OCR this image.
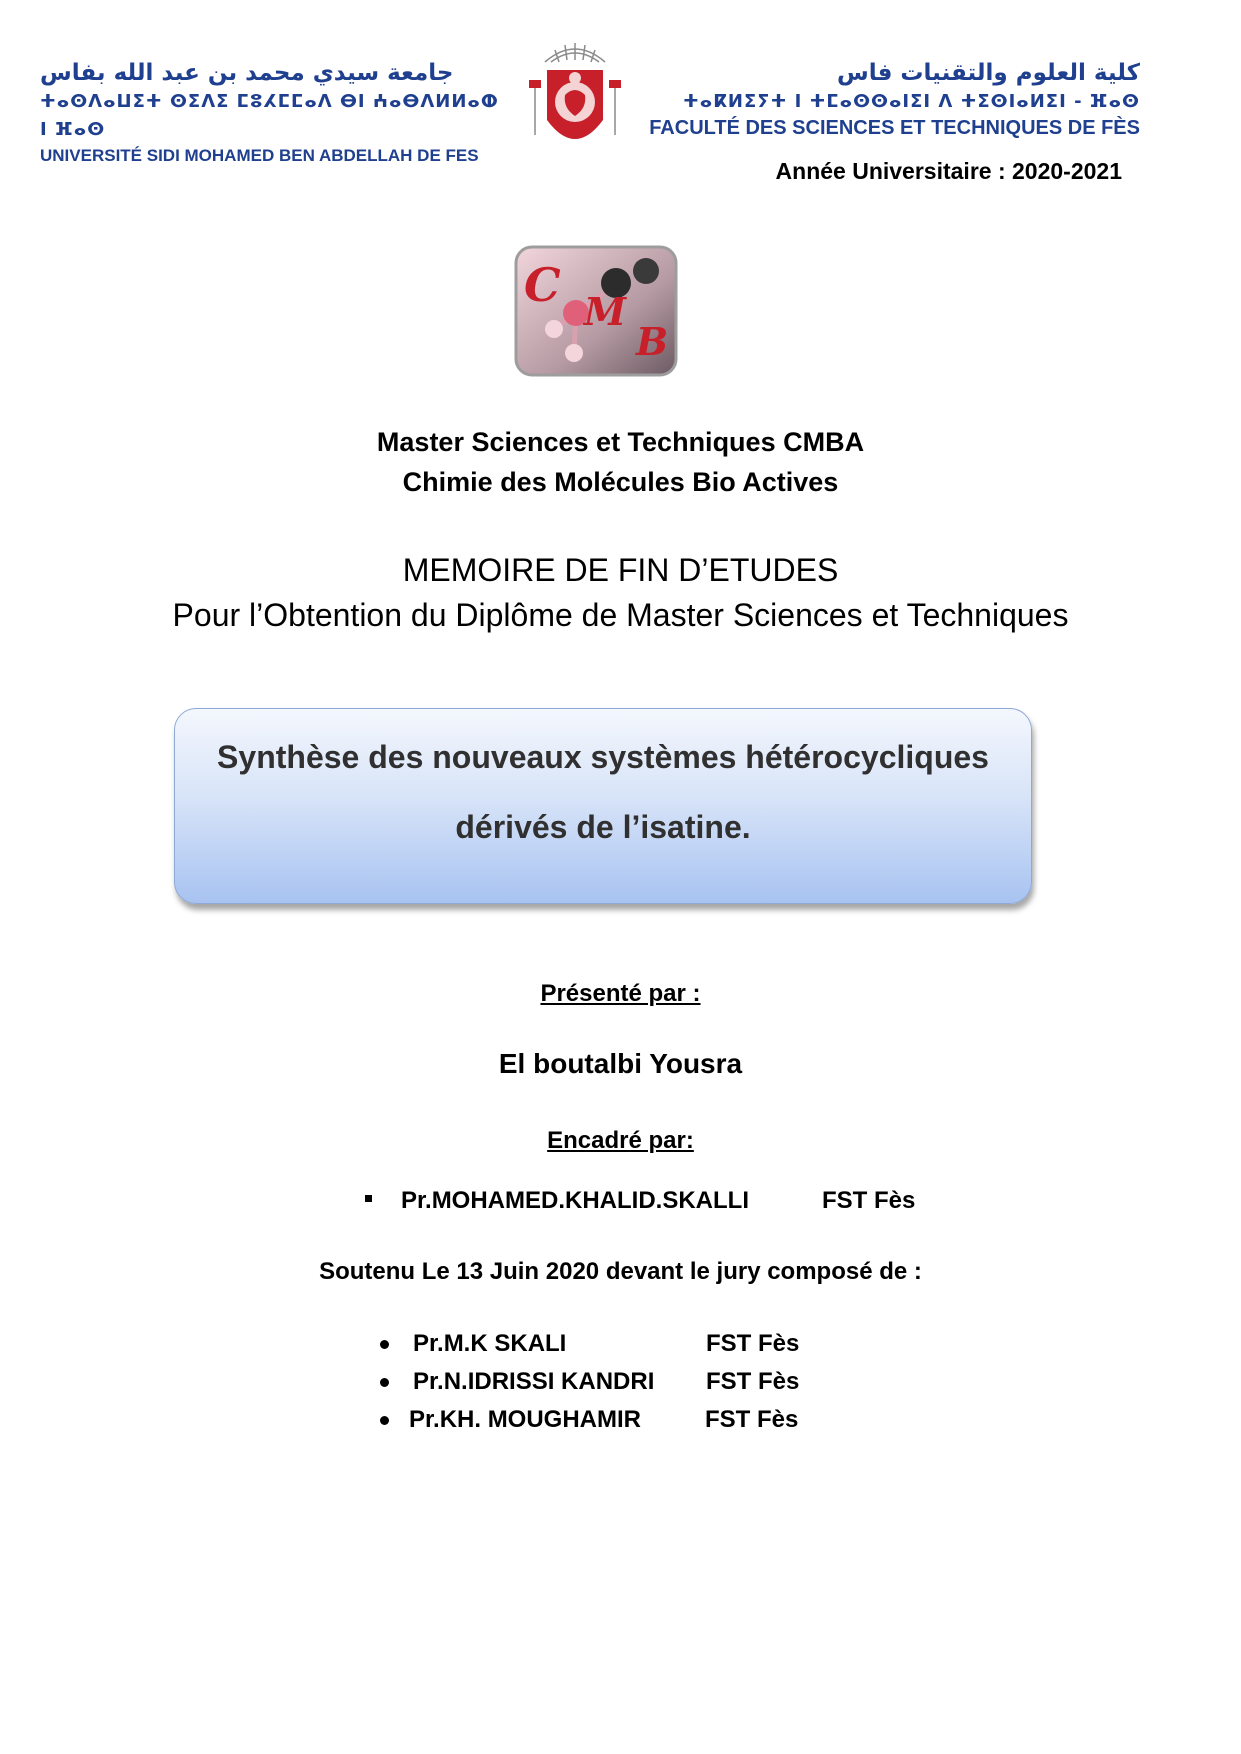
جامعة سيدي محمد بن عبد الله بفاس
ⵜⴰⵙⴷⴰⵡⵉⵜ ⵙⵉⴷⵉ ⵎⵓⵃⵎⵎⴰⴷ ⴱⵏ ⵄⴰⴱⴷⵍⵍⴰⵀ ⵏ ⴼⴰⵙ
UNIVERSITÉ SIDI MOHAMED BEN ABDELLAH DE FES
كلية العلوم والتقنيات فاس
ⵜⴰⴽⵍⵉⵢⵜ ⵏ ⵜⵎⴰⵙⵙⴰⵏⵉⵏ ⴷ ⵜⵉⵙⵏⴰⵍⵉⵏ - ⴼⴰⵙ
FACULTÉ DES SCIENCES ET TECHNIQUES DE FÈS
Année Universitaire : 2020-2021
C M
B
Master Sciences et Techniques CMBA
Chimie des Molécules Bio Actives
MEMOIRE DE FIN D’ETUDES
Pour l’Obtention du Diplôme de Master Sciences et Techniques
Synthèse des nouveaux systèmes hétérocycliques
dérivés de l’isatine.
Présenté par :
El boutalbi Yousra
Encadré par:
Pr.MOHAMED.KHALID.SKALLI	FST Fès
Soutenu Le 13 Juin 2020 devant le jury composé de :
Pr.M.K SKALI	FST Fès
Pr.N.IDRISSI KANDRI FST Fès
Pr.KH. MOUGHAMIR	FST Fès
